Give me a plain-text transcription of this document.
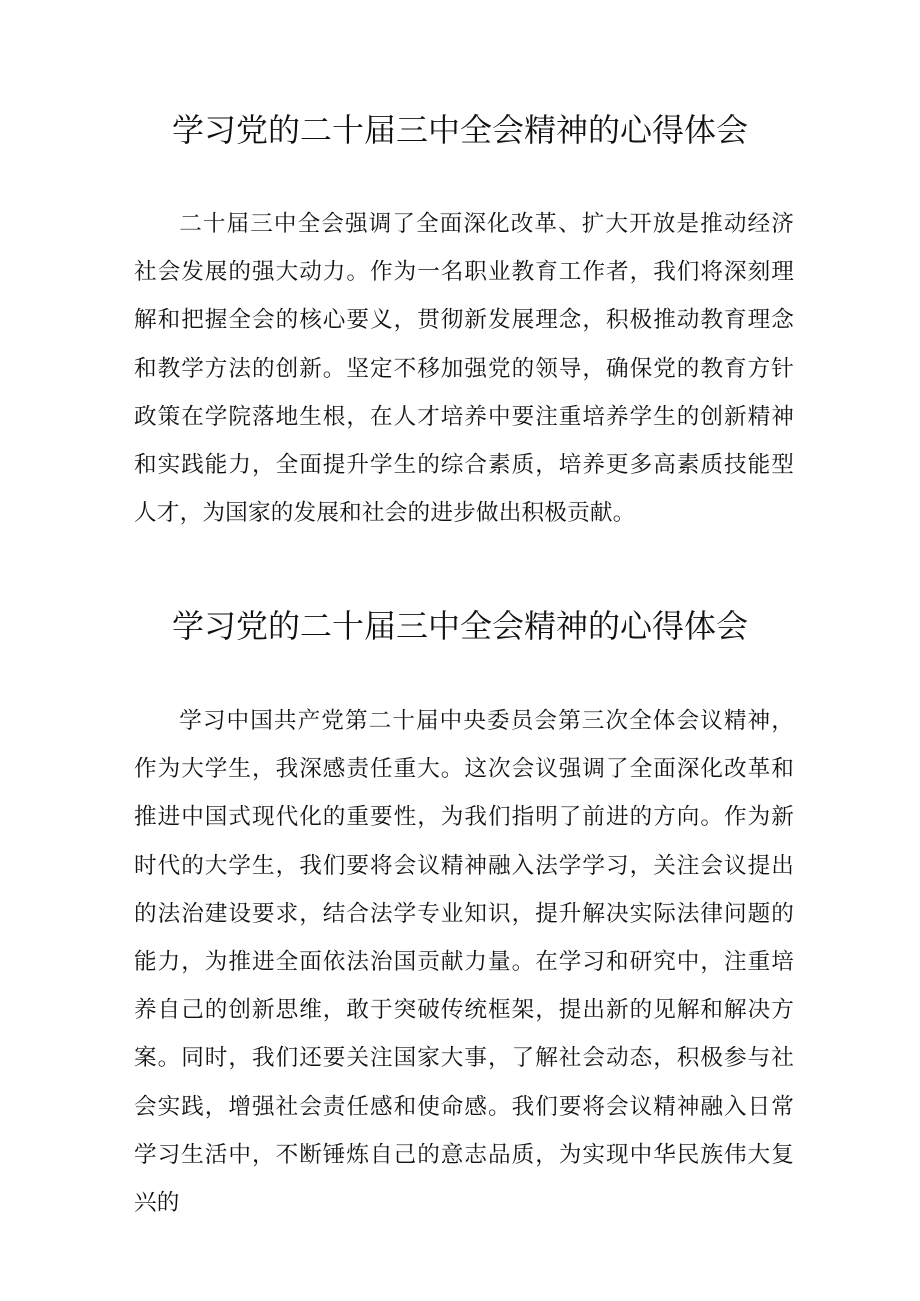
学习党的二十届三中全会精神的心得体会

二十届三中全会强调了全面深化改革、扩大开放是推动经济社会发展的强大动力。作为一名职业教育工作者，我们将深刻理解和把握全会的核心要义，贯彻新发展理念，积极推动教育理念和教学方法的创新。坚定不移加强党的领导，确保党的教育方针政策在学院落地生根，在人才培养中要注重培养学生的创新精神和实践能力，全面提升学生的综合素质，培养更多高素质技能型人才，为国家的发展和社会的进步做出积极贡献。

学习党的二十届三中全会精神的心得体会

学习中国共产党第二十届中央委员会第三次全体会议精神，作为大学生，我深感责任重大。这次会议强调了全面深化改革和推进中国式现代化的重要性，为我们指明了前进的方向。作为新时代的大学生，我们要将会议精神融入法学学习，关注会议提出的法治建设要求，结合法学专业知识，提升解决实际法律问题的能力，为推进全面依法治国贡献力量。在学习和研究中，注重培养自己的创新思维，敢于突破传统框架，提出新的见解和解决方案。同时，我们还要关注国家大事，了解社会动态，积极参与社会实践，增强社会责任感和使命感。我们要将会议精神融入日常学习生活中，不断锤炼自己的意志品质，为实现中华民族伟大复兴的
